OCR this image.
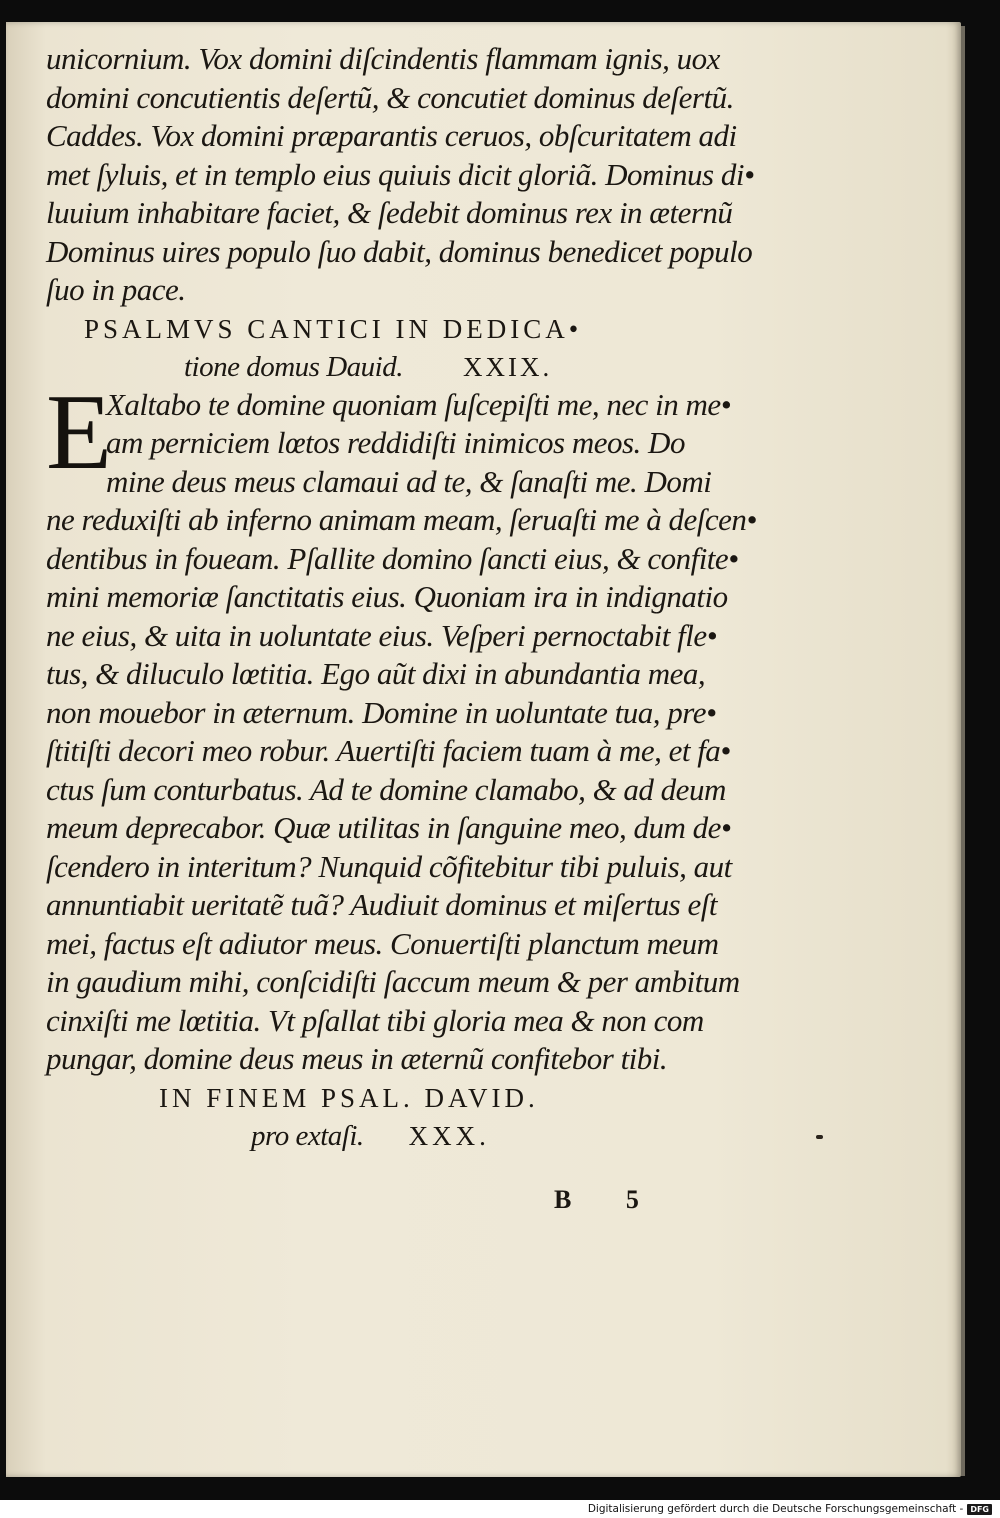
unicornium. Vox domini diſcindentis flammam ignis, uox
domini concutientis deſertũ, & concutiet dominus deſertũ.
Caddes. Vox domini præparantis ceruos, obſcuritatem adi
met ſyluis, et in templo eius quiuis dicit gloriã. Dominus di•
luuium inhabitare faciet, & ſedebit dominus rex in æternũ
Dominus uires populo ſuo dabit, dominus benedicet populo
ſuo in pace.
PSALMVS CANTICI IN DEDICA•
tione domus Dauid. XXIX.
E
Xaltabo te domine quoniam ſuſcepiſti me, nec in me•
am perniciem lœtos reddidiſti inimicos meos. Do
mine deus meus clamaui ad te, & ſanaſti me. Domi
ne reduxiſti ab inferno animam meam, ſeruaſti me à deſcen•
dentibus in foueam. Pſallite domino ſancti eius, & confite•
mini memoriæ ſanctitatis eius. Quoniam ira in indignatio
ne eius, & uita in uoluntate eius. Veſperi pernoctabit fle•
tus, & diluculo lœtitia. Ego aũt dixi in abundantia mea,
non mouebor in æternum. Domine in uoluntate tua, pre•
ſtitiſti decori meo robur. Auertiſti faciem tuam à me, et fa•
ctus ſum conturbatus. Ad te domine clamabo, & ad deum
meum deprecabor. Quæ utilitas in ſanguine meo, dum de•
ſcendero in interitum? Nunquid cõfitebitur tibi puluis, aut
annuntiabit ueritatẽ tuã? Audiuit dominus et miſertus eſt
mei, factus eſt adiutor meus. Conuertiſti planctum meum
in gaudium mihi, conſcidiſti ſaccum meum & per ambitum
cinxiſti me lœtitia. Vt pſallat tibi gloria mea & non com
pungar, domine deus meus in æternũ confitebor tibi.
IN FINEM PSAL. DAVID.
pro extaſi. XXX.
B 5
Digitalisierung gefördert durch die Deutsche Forschungsgemeinschaft - DFG
